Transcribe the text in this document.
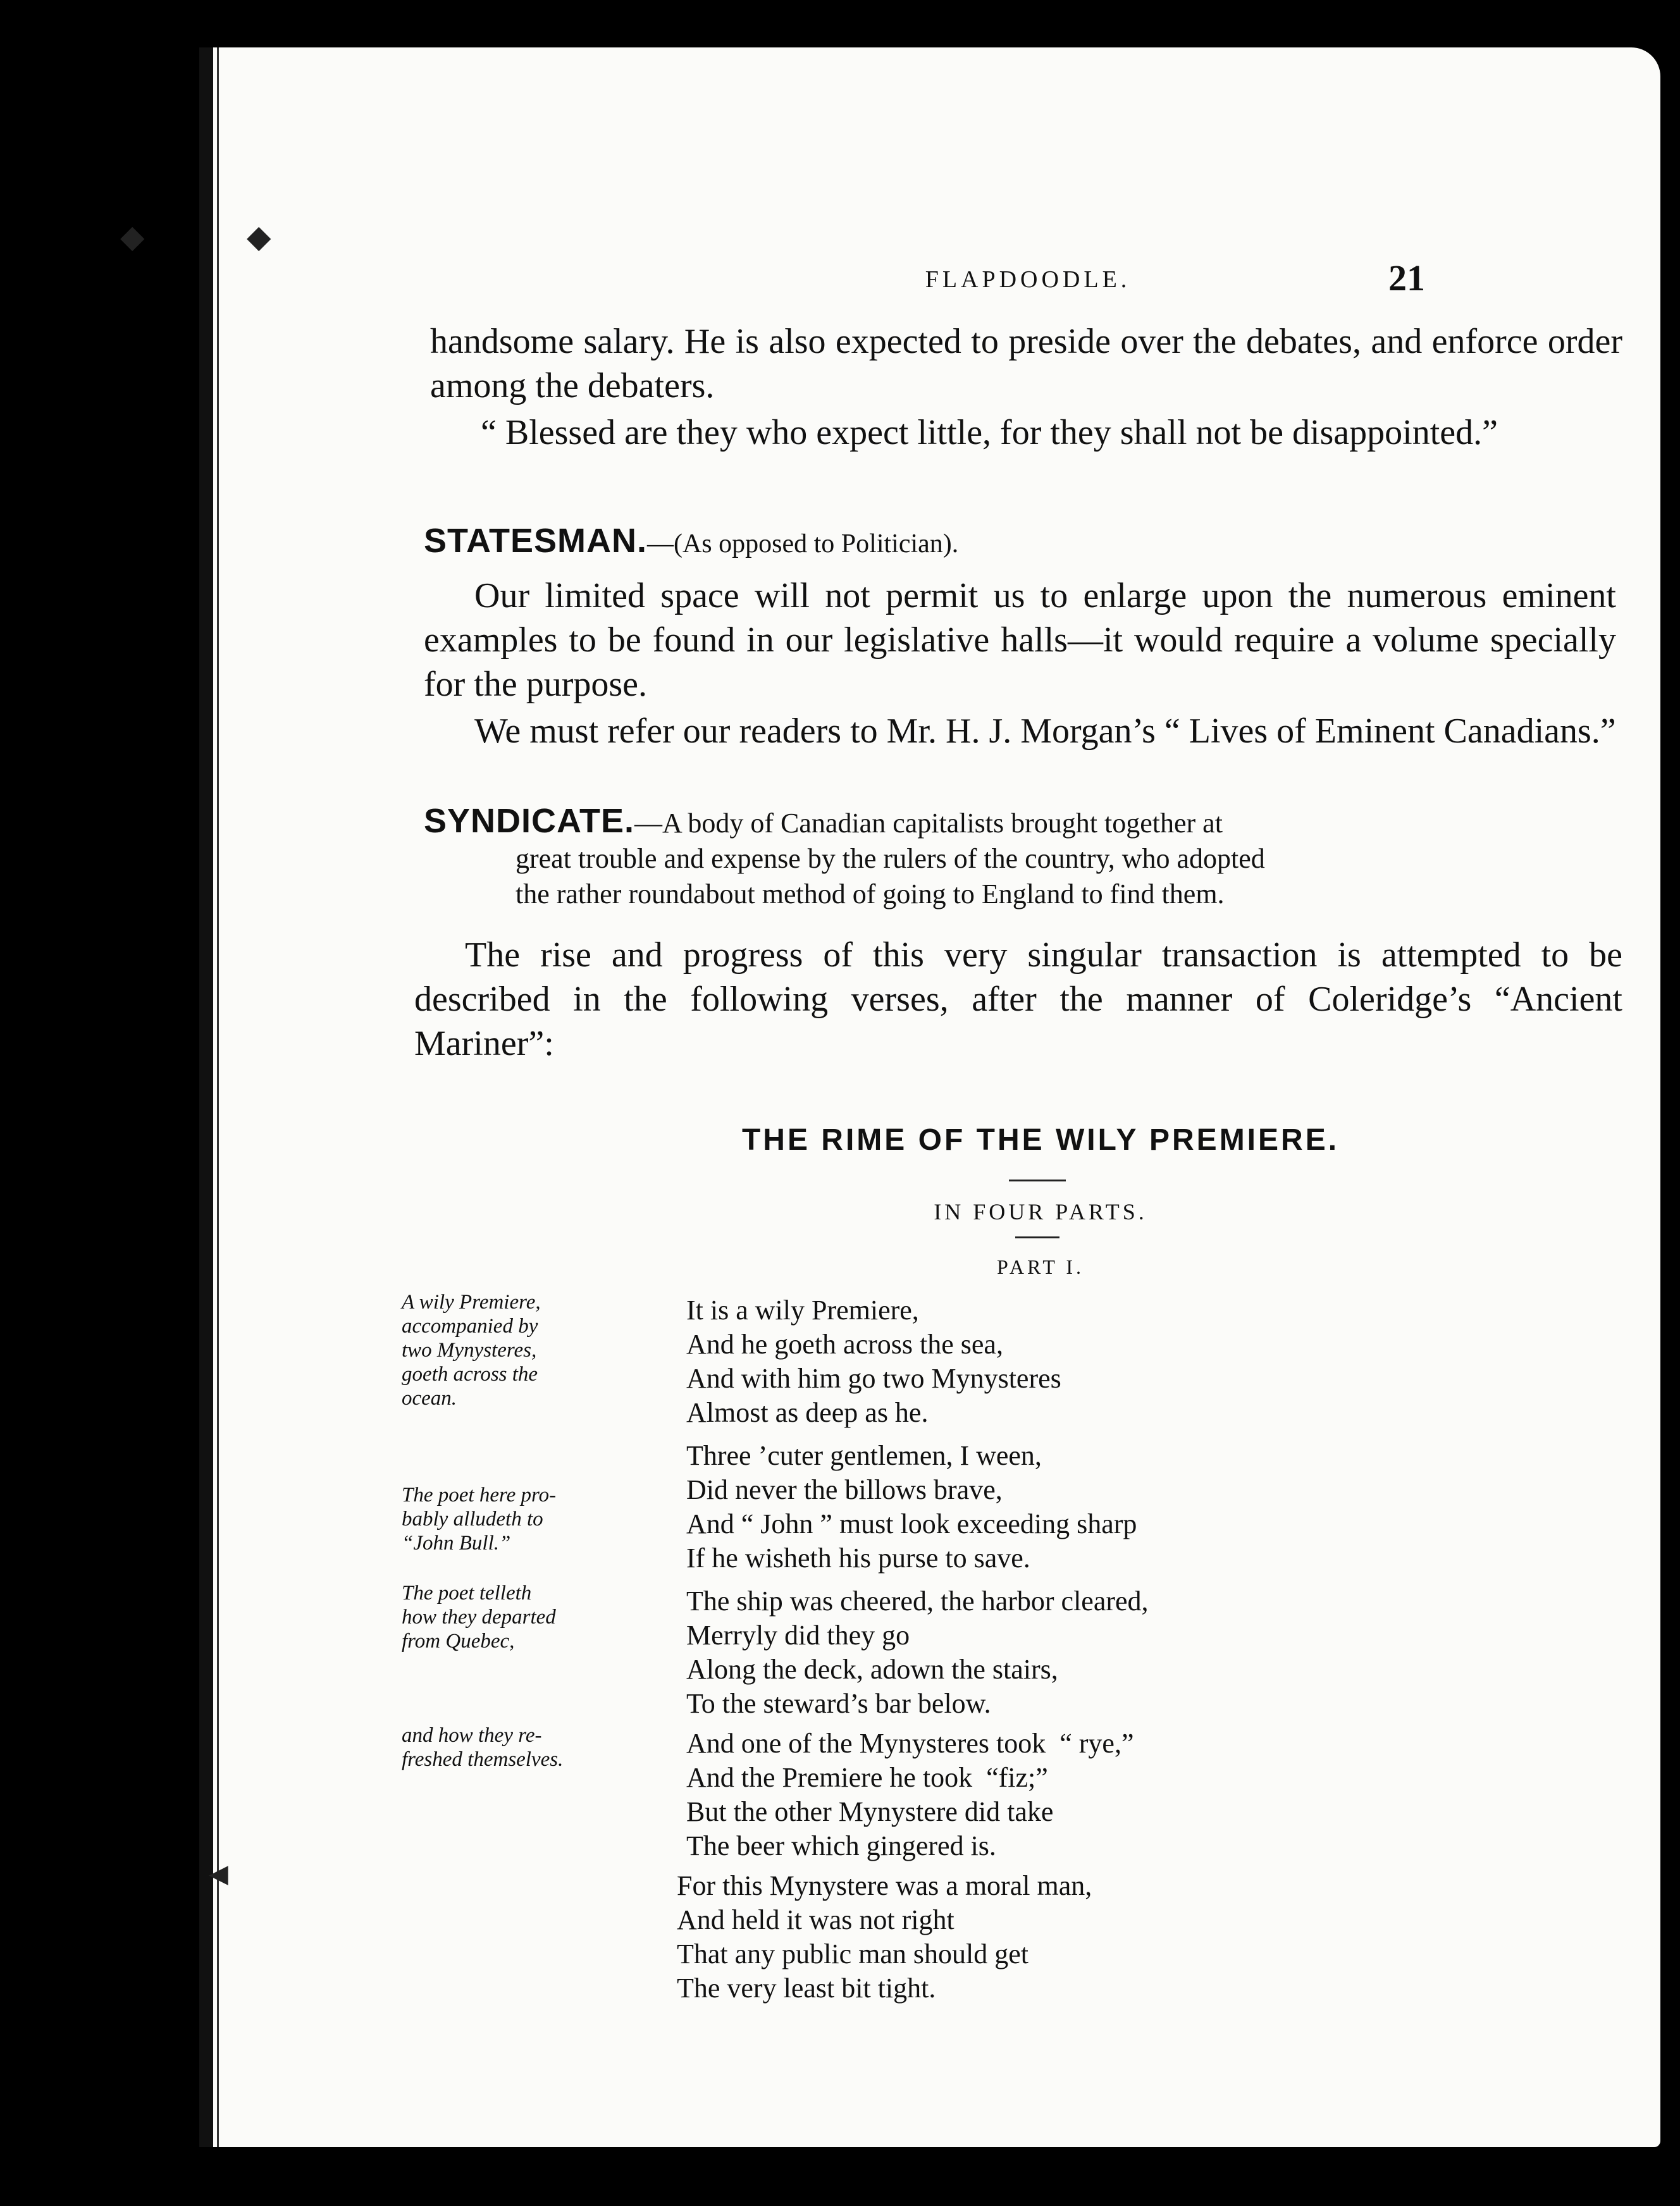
FLAPDOODLE.	21

handsome salary. He is also expected to preside over the debates, and enforce order among the debaters.

“ Blessed are they who expect little, for they shall not be disappointed.”

STATESMAN.—(As opposed to Politician).

Our limited space will not permit us to enlarge upon the numerous eminent examples to be found in our legislative halls—it would require a volume specially for the purpose.

We must refer our readers to Mr. H. J. Morgan’s “ Lives of Eminent Canadians.”

SYNDICATE.—A body of Canadian capitalists brought together at
great trouble and expense by the rulers of the country, who adopted
the rather roundabout method of going to England to find them.

The rise and progress of this very singular transaction is attempted to be described in the following verses, after the manner of Coleridge’s “Ancient Mariner”:

THE RIME OF THE WILY PREMIERE.
IN FOUR PARTS.
PART I.
A wily Premiere,
accompanied by
two Mynysteres,
goeth across the
ocean.
The poet here pro-
bably alludeth to
“John Bull.”
The poet telleth
how they departed
from Quebec,
and how they re-
freshed themselves.
It is a wily Premiere,
And he goeth across the sea,
And with him go two Mynysteres
Almost as deep as he.
Three ’cuter gentlemen, I ween,
Did never the billows brave,
And “ John ” must look exceeding sharp
If he wisheth his purse to save.
The ship was cheered, the harbor cleared,
Merryly did they go
Along the deck, adown the stairs,
To the steward’s bar below.
And one of the Mynysteres took  “ rye,”
And the Premiere he took  “fiz;”
But the other Mynystere did take
The beer which gingered is.
For this Mynystere was a moral man,
And held it was not right
That any public man should get
The very least bit tight.
◆	◆
◀
